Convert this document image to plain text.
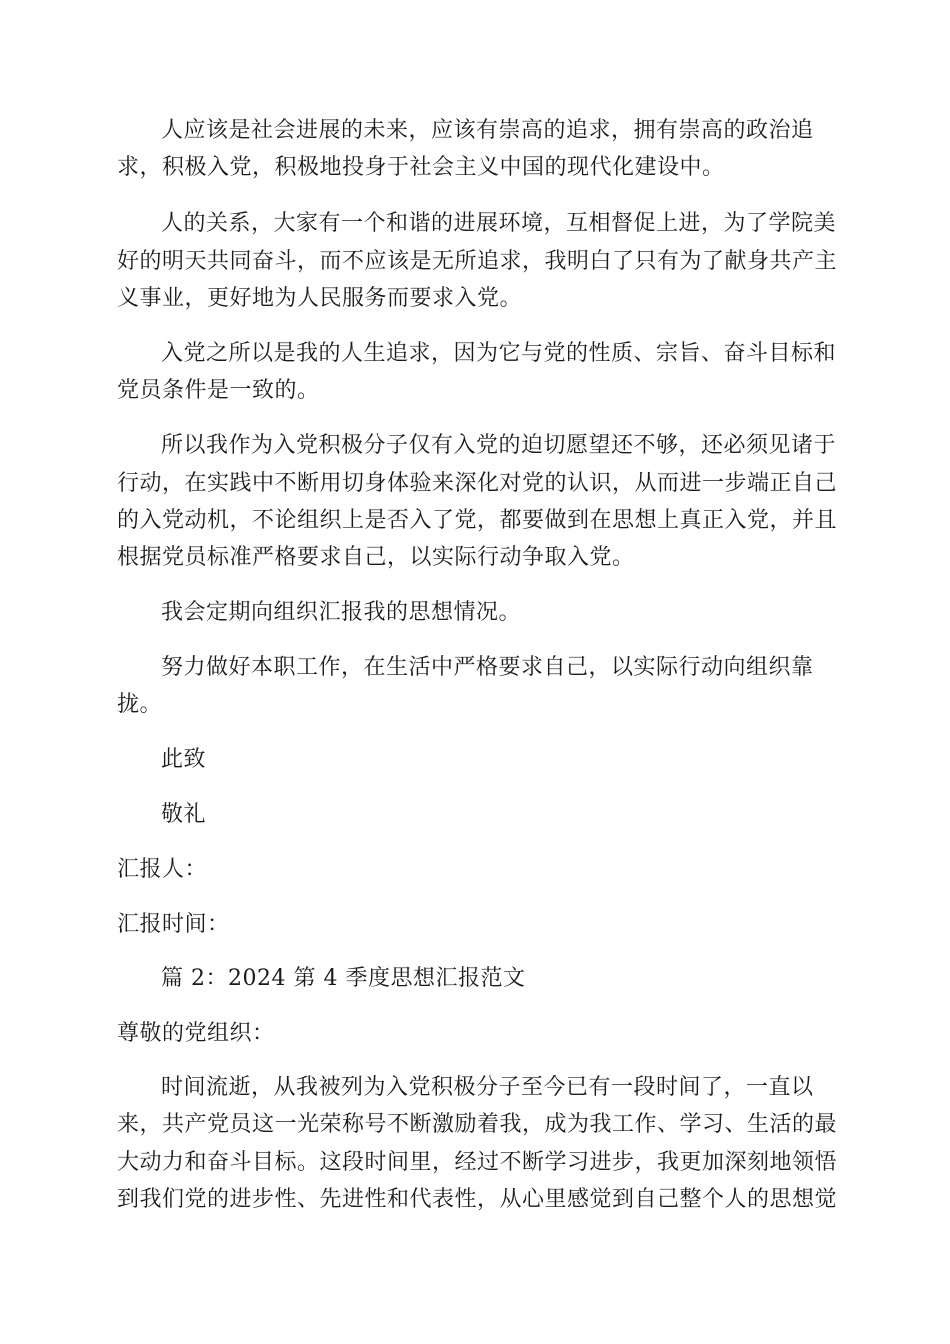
人应该是社会进展的未来，应该有崇高的追求，拥有崇高的政治追
求，积极入党，积极地投身于社会主义中国的现代化建设中。
人的关系，大家有一个和谐的进展环境，互相督促上进，为了学院美
好的明天共同奋斗，而不应该是无所追求，我明白了只有为了献身共产主
义事业，更好地为人民服务而要求入党。
入党之所以是我的人生追求，因为它与党的性质、宗旨、奋斗目标和
党员条件是一致的。
所以我作为入党积极分子仅有入党的迫切愿望还不够，还必须见诸于
行动，在实践中不断用切身体验来深化对党的认识，从而进一步端正自己
的入党动机，不论组织上是否入了党，都要做到在思想上真正入党，并且
根据党员标准严格要求自己，以实际行动争取入党。
我会定期向组织汇报我的思想情况。
努力做好本职工作，在生活中严格要求自己，以实际行动向组织靠
拢。
此致
敬礼
汇报人：
汇报时间：
篇 2：2024 第 4 季度思想汇报范文
尊敬的党组织：
时间流逝，从我被列为入党积极分子至今已有一段时间了，一直以
来，共产党员这一光荣称号不断激励着我，成为我工作、学习、生活的最
大动力和奋斗目标。这段时间里，经过不断学习进步，我更加深刻地领悟
到我们党的进步性、先进性和代表性，从心里感觉到自己整个人的思想觉
